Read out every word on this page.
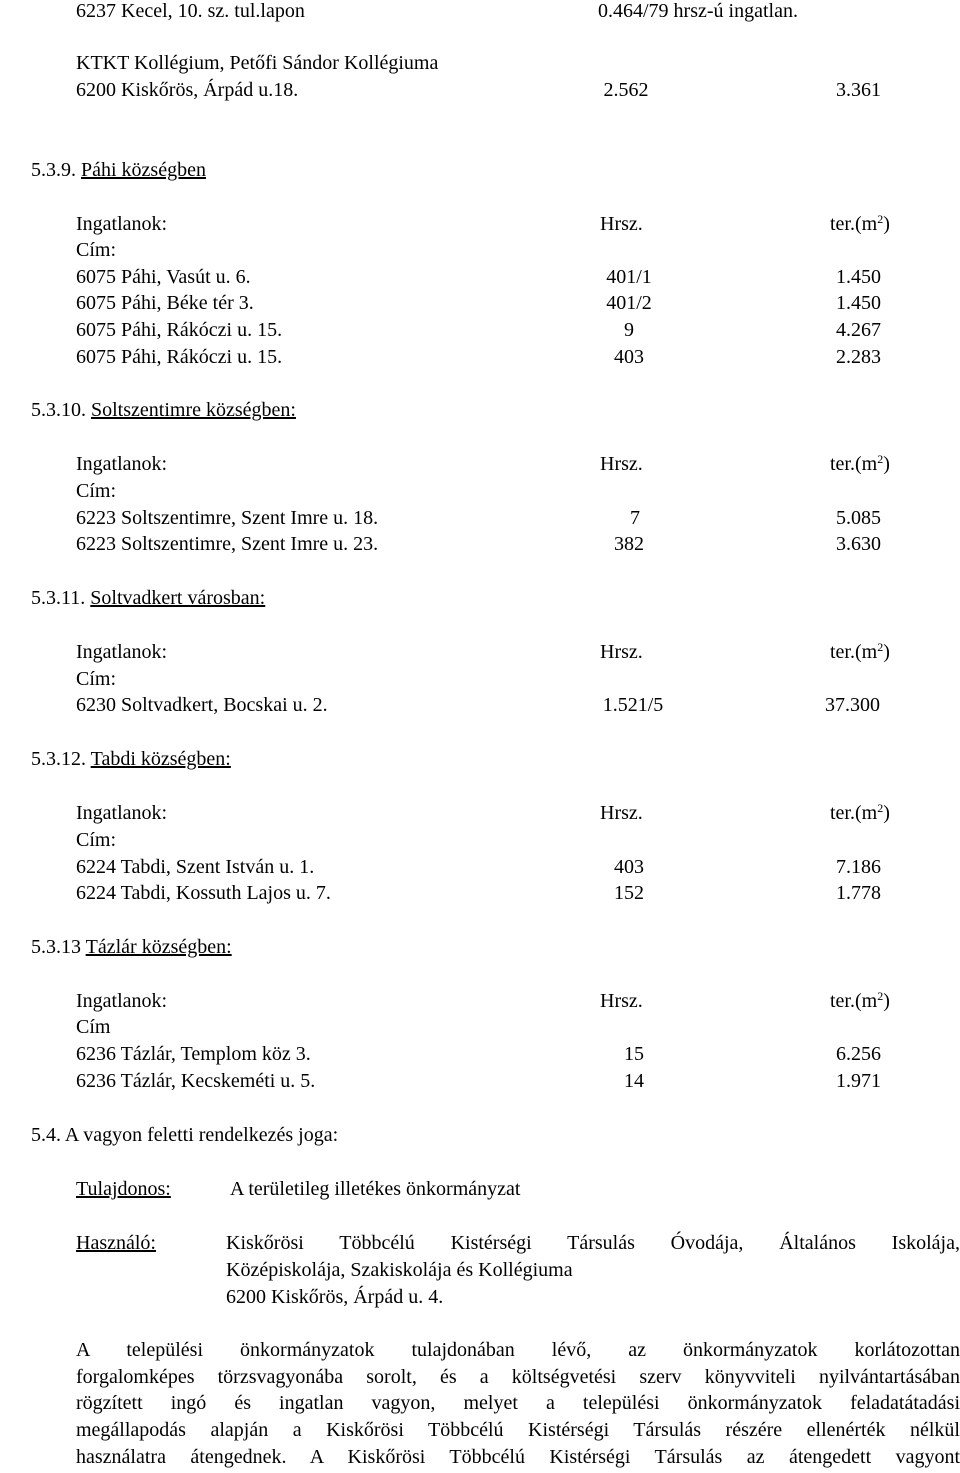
6237 Kecel, 10. sz. tul.lapon	0.464/79 hrsz-ú ingatlan.
KTKT Kollégium, Petőfi Sándor Kollégiuma
6200 Kiskőrös, Árpád u.18.	2.562	3.361
5.3.9. Páhi községben
Ingatlanok:	Hrsz.	$ter.(m^2)$
Cím:
6075 Páhi, Vasút u. 6.	401/1	1.450
6075 Páhi, Béke tér 3.	401/2	1.450
6075 Páhi, Rákóczi u. 15.	9	4.267
6075 Páhi, Rákóczi u. 15.	403	2.283
5.3.10. Soltszentimre községben:
Ingatlanok:	Hrsz.	$ter.(m^2)$
Cím:
6223 Soltszentimre, Szent Imre u. 18.	7	5.085
6223 Soltszentimre, Szent Imre u. 23.	382	3.630
5.3.11. Soltvadkert városban:
Ingatlanok:	Hrsz.	$ter.(m^2)$
Cím:
6230 Soltvadkert, Bocskai u. 2.	1.521/5	37.300
5.3.12. Tabdi községben:
Ingatlanok:	Hrsz.	$ter.(m^2)$
Cím:
6224 Tabdi, Szent István u. 1.	403	7.186
6224 Tabdi, Kossuth Lajos u. 7.	152	1.778
5.3.13 Tázlár községben:
Ingatlanok:	Hrsz.	$ter.(m^2)$
Cím
6236 Tázlár, Templom köz 3.	15	6.256
6236 Tázlár, Kecskeméti u. 5.	14	1.971
5.4. A vagyon feletti rendelkezés joga:
Tulajdonos:	A területileg illetékes önkormányzat
Használó:	Kiskőrösi Többcélú Kistérségi Társulás Óvodája, Általános Iskolája,
Középiskolája, Szakiskolája és Kollégiuma
6200 Kiskőrös, Árpád u. 4.
A települési önkormányzatok tulajdonában lévő, az önkormányzatok korlátozottan
forgalomképes törzsvagyonába sorolt, és a költségvetési szerv könyvviteli nyilvántartásában
rögzített ingó és ingatlan vagyon, melyet a települési önkormányzatok feladatátadási
megállapodás alapján a Kiskőrösi Többcélú Kistérségi Társulás részére ellenérték nélkül
használatra átengednek. A Kiskőrösi Többcélú Kistérségi Társulás az átengedett vagyont
